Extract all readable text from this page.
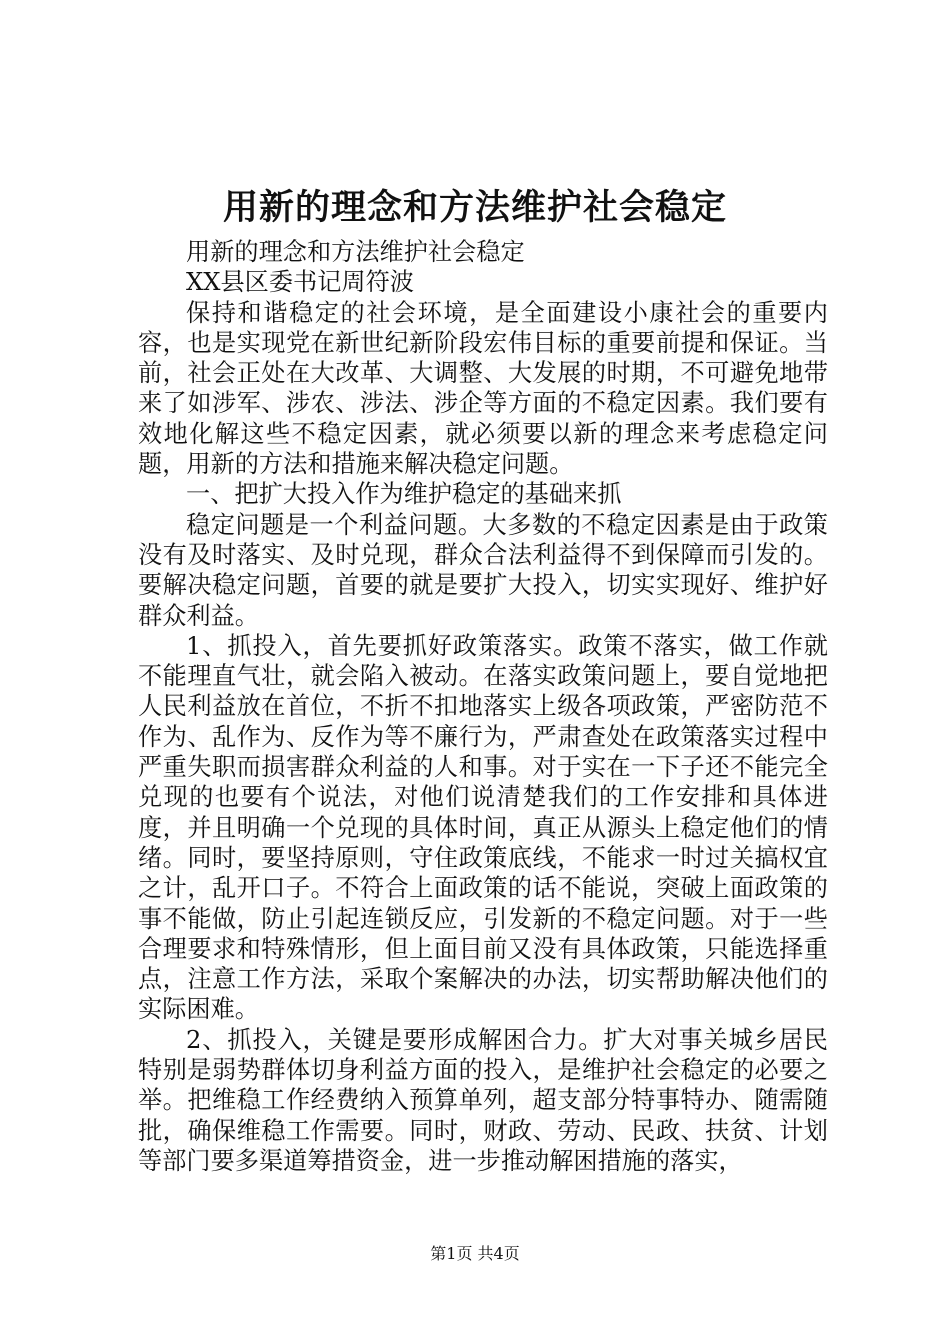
用新的理念和方法维护社会稳定

用新的理念和方法维护社会稳定

XX县区委书记周符波

保持和谐稳定的社会环境，是全面建设小康社会的重要内容，也是实现党在新世纪新阶段宏伟目标的重要前提和保证。当前，社会正处在大改革、大调整、大发展的时期，不可避免地带来了如涉军、涉农、涉法、涉企等方面的不稳定因素。我们要有效地化解这些不稳定因素，就必须要以新的理念来考虑稳定问题，用新的方法和措施来解决稳定问题。

一、把扩大投入作为维护稳定的基础来抓

稳定问题是一个利益问题。大多数的不稳定因素是由于政策没有及时落实、及时兑现，群众合法利益得不到保障而引发的。要解决稳定问题，首要的就是要扩大投入，切实实现好、维护好群众利益。

1、抓投入，首先要抓好政策落实。政策不落实，做工作就不能理直气壮，就会陷入被动。在落实政策问题上，要自觉地把人民利益放在首位，不折不扣地落实上级各项政策，严密防范不作为、乱作为、反作为等不廉行为，严肃查处在政策落实过程中严重失职而损害群众利益的人和事。对于实在一下子还不能完全兑现的也要有个说法，对他们说清楚我们的工作安排和具体进度，并且明确一个兑现的具体时间，真正从源头上稳定他们的情绪。同时，要坚持原则，守住政策底线，不能求一时过关搞权宜之计，乱开口子。不符合上面政策的话不能说，突破上面政策的事不能做，防止引起连锁反应，引发新的不稳定问题。对于一些合理要求和特殊情形，但上面目前又没有具体政策，只能选择重点，注意工作方法，采取个案解决的办法，切实帮助解决他们的实际困难。

2、抓投入，关键是要形成解困合力。扩大对事关城乡居民特别是弱势群体切身利益方面的投入，是维护社会稳定的必要之举。把维稳工作经费纳入预算单列，超支部分特事特办、随需随批，确保维稳工作需要。同时，财政、劳动、民政、扶贫、计划等部门要多渠道筹措资金，进一步推动解困措施的落实，

第1页 共4页
